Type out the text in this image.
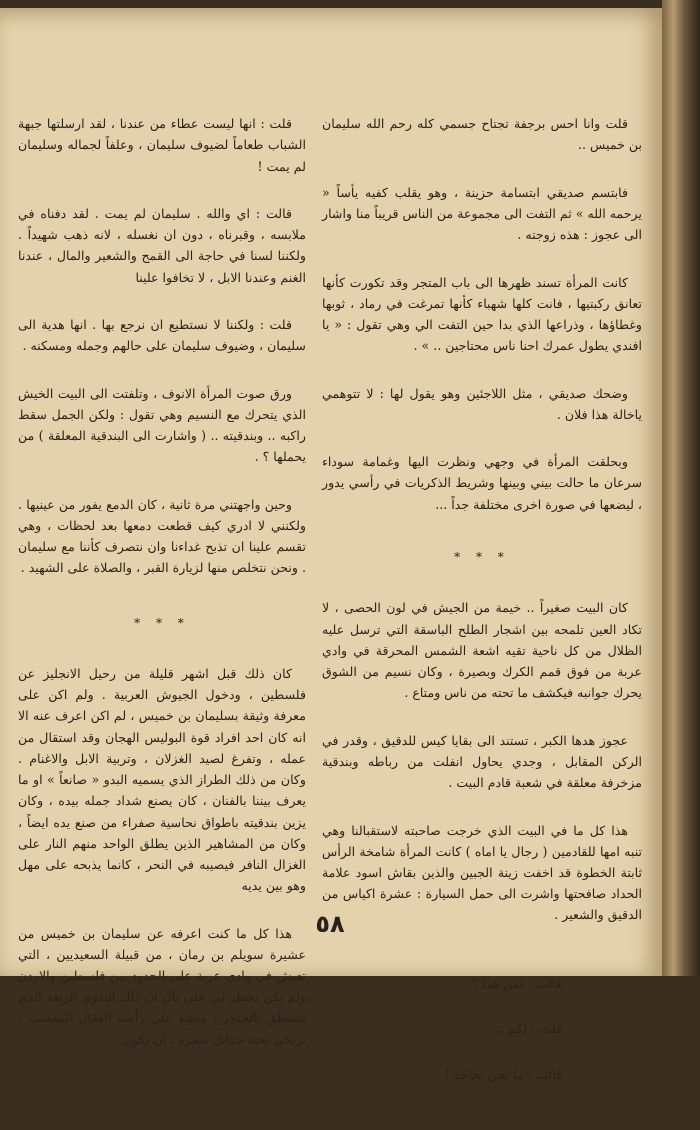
قلت وانا احس برجفة تجتاح جسمي كله رحم الله سليمان بن خميس ..

فابتسم صديقي ابتسامة حزينة ، وهو يقلب كفيه يأساً « يرحمه الله » ثم التفت الى مجموعة من الناس قريباً منا واشار الى عجوز : هذه زوجته .

كانت المرأة تسند ظهرها الى باب المتجر وقد تكورت كأنها تعانق ركبتيها ، فانت كلها شهباء كأنها تمرغت في رماد ، ثوبها وغطاؤها ، وذراعها الذي بدا حين التفت الي وهي تقول : « يا افندي يطول عمرك احنا ناس محتاجين .. » .

وضحك صديقي ، مثل اللاجئين وهو يقول لها : لا تتوهمي ياخالة هذا فلان .

وبحلقت المرأة في وجهي ونظرت اليها وغمامة سوداء سرعان ما حالت بيني وبينها وشريط الذكريات في رأسي يدور ، ليضعها في صورة اخرى مختلفة جداً ...

* * *

كان البيت صغيراً .. خيمة من الجيش في لون الحصى ، لا تكاد العين تلمحه بين اشجار الطلح الباسقة التي ترسل عليه الظلال من كل ناحية تقيه اشعة الشمس المحرقة في وادي عربة من فوق قمم الكرك وبصيرة ، وكان نسيم من الشوق يحرك جوانبه فيكشف ما تحته من ناس ومتاع .

عجوز هدها الكبر ، تستند الى بقايا كيس للدقيق ، وقدر في الركن المقابل ، وجدي يحاول انفلت من رباطه وبندقية مزخرفة معلقة في شعبة قادم البيت .

هذا كل ما في البيت الذي خرجت صاحبته لاستقبالنا وهي تنبه امها للقادمين ( رجال يا اماه ) كانت المرأة شامخة الرأس ثابتة الخطوة قد اخفت زينة الجبين والذين بقاش اسود علامة الحداد صافحتها واشرت الى حمل السيارة : عشرة اكياس من الدقيق والشعير .

قالت : لمن هذا ؟

قلت : لكم ..

قالت : ما نحن بحاجة !

قلت : انها ليست عطاء من عندنا ، لقد ارسلتها جبهة الشباب طعاماً لضيوف سليمان ، وعلفاً لجماله وسليمان لم يمت !

قالت : اي والله . سليمان لم يمت . لقد دفناه في ملابسه ، وقبرناه ، دون ان نغسله ، لانه ذهب شهيداً . ولكننا لسنا في حاجة الى القمح والشعير والمال ، عندنا الغنم وعندنا الابل ، لا تخافوا علينا

قلت : ولكننا لا نستطيع ان نرجع بها . انها هدية الى سليمان ، وضيوف سليمان على حالهم وجمله ومسكنه .

ورق صوت المرأة الانوف ، وتلفتت الى البيت الخيش الذي يتحرك مع النسيم وهي تقول : ولكن الجمل سقط راكبه .. وبندقيته .. ( واشارت الى البندقية المعلقة ) من يحملها ؟ .

وحين واجهتني مرة ثانية ، كان الدمع يفور من عينيها . ولكنني لا ادري كيف قطعت دمعها بعد لحظات ، وهي تقسم علينا ان تذبح غداءنا وان نتصرف كأننا مع سليمان . ونحن نتخلص منها لزيارة القبر ، والصلاة على الشهيد .

* * *

كان ذلك قبل اشهر قليلة من رحيل الانجليز عن فلسطين ، ودخول الجيوش العربية . ولم اكن على معرفة وثيقة بسليمان بن خميس ، لم اكن اعرف عنه الا انه كان احد افراد قوة البوليس الهجان وقد استقال من عمله ، وتفرغ لصيد الغزلان ، وتربية الابل والاغنام . وكان من ذلك الطراز الذي يسميه البدو « صانعاً » او ما يعرف بيننا بالفنان ، كان يصنع شداد جمله بيده ، وكان يزين بندقيته باطواق نحاسية صفراء من صنع يده ايضاً ، وكان من المشاهير الذين يطلق الواحد منهم النار على الغزال النافر فيصيبه في النحر ، كانما يذبحه على مهل وهو بين يديه

هذا كل ما كنت اعرفه عن سليمان بن خميس من عشيرة سويلم بن رمان ، من قبيلة السعيديين ، التي تعيش في وادي عربة على الحدود بين فلسطين والاردن ولم يكن يخطر لي على بال ان ذلك البدوي الربعة الذي يتمنطق بالخنجر ، ويضع على رأسه العقال المقصب ، ترتخي تحته جدائل شعره ، ان يكون

٥٨
